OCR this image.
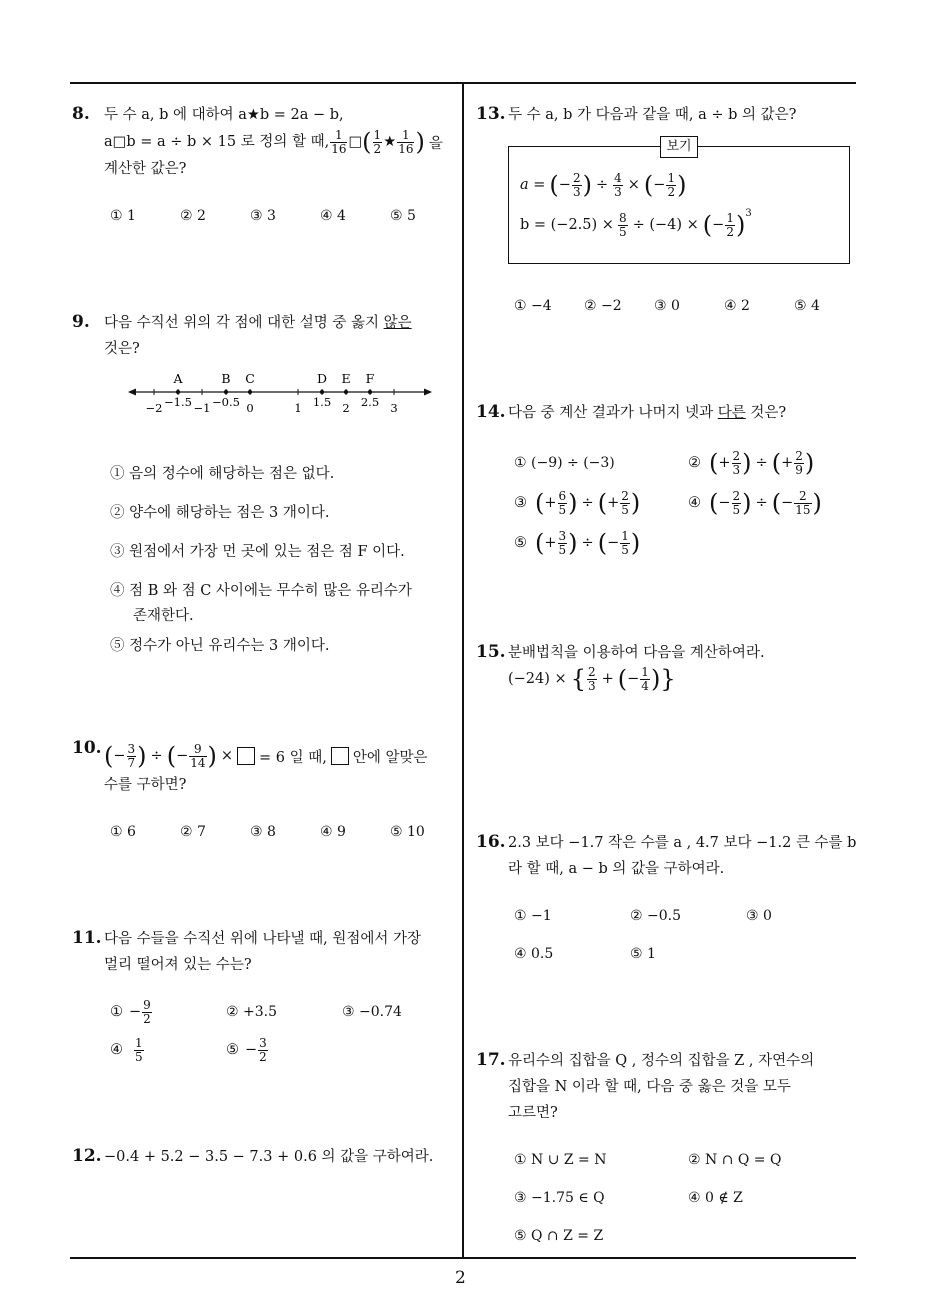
8. 두 수 a, b 에 대하여 a★b = 2a − b,
a□b = a ÷ b × 15 로 정의 할 때, $\frac{1}{16}$ □ ( $\frac{1}{2}$ ★ $\frac{1}{16}$ ) 을
계산한 값은?
① 1	② 2	③ 3	④ 4	⑤ 5
9. 다음 수직선 위의 각 점에 대한 설명 중 옳지 않은
것은?
−2 −1.5 −1 −0.5 0	1 1.5 2 2.5 3
A	B C	D E F
① 음의 정수에 해당하는 점은 없다.
② 양수에 해당하는 점은 3 개이다.
③ 원점에서 가장 먼 곳에 있는 점은 점 F 이다.
④ 점 B 와 점 C 사이에는 무수히 많은 유리수가
존재한다.
⑤ 정수가 아닌 유리수는 3 개이다.
10. ( − $\frac{3}{7}$ ) ÷ ( − $\frac{9}{14}$ ) × = 6 일 때, 안에 알맞은
수를 구하면?
① 6	② 7	③ 8	④ 9	⑤ 10
11. 다음 수들을 수직선 위에 나타낼 때, 원점에서 가장
멀리 떨어져 있는 수는?
① − $\frac{9}{2}$	② +3.5	③ −0.74
④ $\frac{1}{5}$	⑤ − $\frac{3}{2}$
12. −0.4 + 5.2 − 3.5 − 7.3 + 0.6 의 값을 구하여라.
13. 두 수 a, b 가 다음과 같을 때, a ÷ b 의 값은?
보기
a = ( − $\frac{2}{3}$ ) ÷ $\frac{4}{3}$ × ( − $\frac{1}{2}$ )
$b = (-2.5) \times \frac{8}{5} \div (-4)$ × ( − $\frac{1}{2} )^3$
① −4 ② −2 ③ 0	④ 2	⑤ 4
14. 다음 중 계산 결과가 나머지 넷과 다른 것은?
① (−9) ÷ (−3)	② ( + $\frac{2}{3}$ ) ÷ ( + $\frac{2}{9}$ )
③ ( + $\frac{6}{5}$ ) ÷ ( + $\frac{2}{5}$ )	④ ( − $\frac{2}{5}$ ) ÷ ( − $\frac{2}{15}$ )
⑤ ( + $\frac{3}{5}$ ) ÷ ( − $\frac{1}{5}$ )
15. 분배법칙을 이용하여 다음을 계산하여라.
(−24) × { $\frac{2}{3}$ + ( − $\frac{1}{4}$ ) }
16. 2.3 보다 −1.7 작은 수를 a , 4.7 보다 −1.2 큰 수를 b
라 할 때, a − b 의 값을 구하여라.
① −1	② −0.5	③ 0
④ 0.5	⑤ 1
17. 유리수의 집합을 Q , 정수의 집합을 Z , 자연수의
집합을 N 이라 할 때, 다음 중 옳은 것을 모두
고르면?
① N ∪ Z = N	② N ∩ Q = Q
③ −1.75 ∈ Q	④ 0 ∉ Z
⑤ Q ∩ Z = Z
2
